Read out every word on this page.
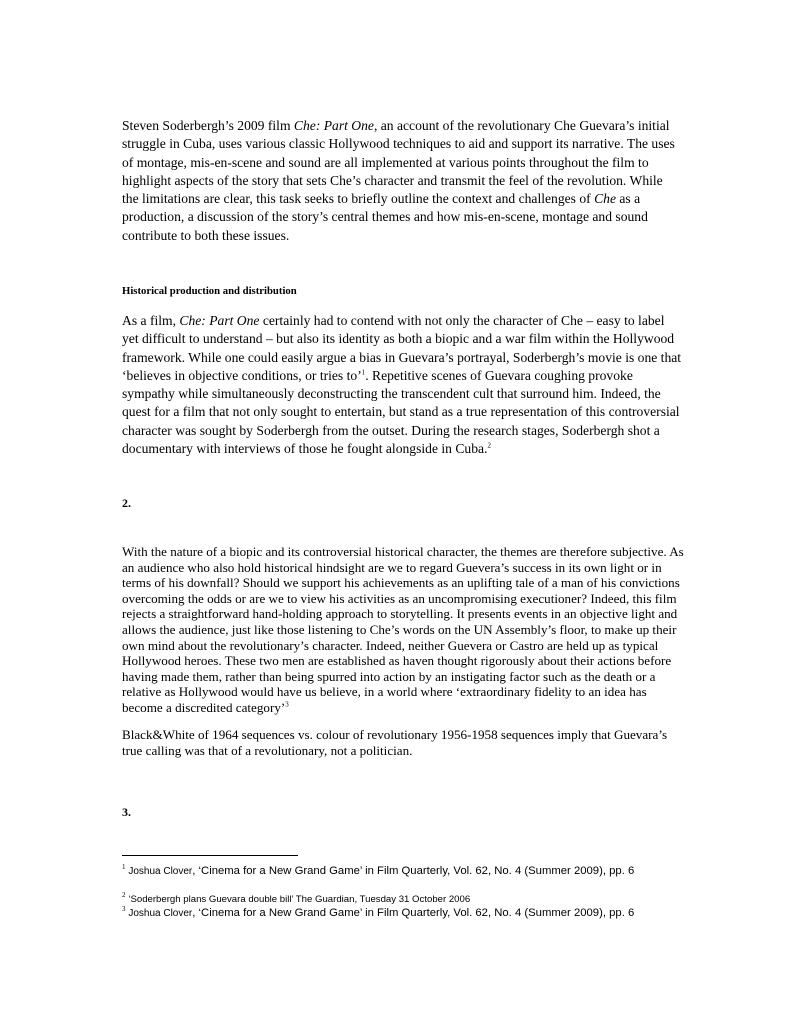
Steven Soderbergh’s 2009 film Che: Part One, an account of the revolutionary Che Guevara’s initial struggle in Cuba, uses various classic Hollywood techniques to aid and support its narrative. The uses of montage, mis-en-scene and sound are all implemented at various points throughout the film to highlight aspects of the story that sets Che’s character and transmit the feel of the revolution. While the limitations are clear, this task seeks to briefly outline the context and challenges of Che as a production, a discussion of the story’s central themes and how mis-en-scene, montage and sound contribute to both these issues.

Historical production and distribution

As a film, Che: Part One certainly had to contend with not only the character of Che – easy to label yet difficult to understand – but also its identity as both a biopic and a war film within the Hollywood framework. While one could easily argue a bias in Guevara’s portrayal, Soderbergh’s movie is one that ‘believes in objective conditions, or tries to’$^1$. Repetitive scenes of Guevara coughing provoke sympathy while simultaneously deconstructing the transcendent cult that surround him. Indeed, the quest for a film that not only sought to entertain, but stand as a true representation of this controversial character was sought by Soderbergh from the outset. During the research stages, Soderbergh shot a documentary with interviews of those he fought alongside in Cuba.$^2$

2.

With the nature of a biopic and its controversial historical character, the themes are therefore subjective. As an audience who also hold historical hindsight are we to regard Guevera’s success in its own light or in terms of his downfall? Should we support his achievements as an uplifting tale of a man of his convictions overcoming the odds or are we to view his activities as an uncompromising executioner? Indeed, this film rejects a straightforward hand-holding approach to storytelling. It presents events in an objective light and allows the audience, just like those listening to Che’s words on the UN Assembly’s floor, to make up their own mind about the revolutionary’s character. Indeed, neither Guevera or Castro are held up as typical Hollywood heroes. These two men are established as haven thought rigorously about their actions before having made them, rather than being spurred into action by an instigating factor such as the death or a relative as Hollywood would have us believe, in a world where ‘extraordinary fidelity to an idea has become a discredited category’$^3$

Black&White of 1964 sequences vs. colour of revolutionary 1956-1958 sequences imply that Guevara’s true calling was that of a revolutionary, not a politician.

3.

$^1$ Joshua Clover, ‘Cinema for a New Grand Game’ in Film Quarterly, Vol. 62, No. 4 (Summer 2009), pp. 6

$^2$ ‘Soderbergh plans Guevara double bill’ The Guardian, Tuesday 31 October 2006

$^3$ Joshua Clover, ‘Cinema for a New Grand Game’ in Film Quarterly, Vol. 62, No. 4 (Summer 2009), pp. 6
